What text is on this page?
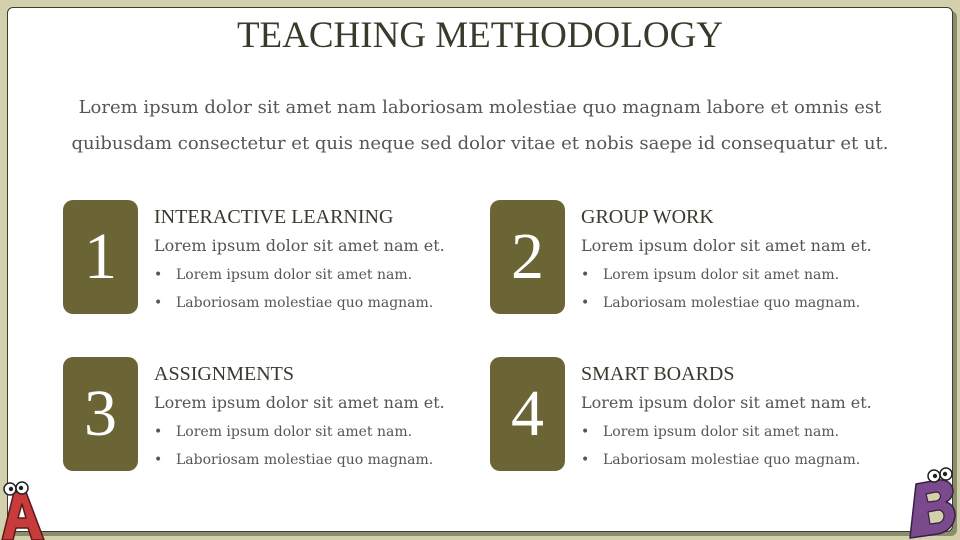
TEACHING METHODOLOGY
Lorem ipsum dolor sit amet nam laboriosam molestiae quo magnam labore et omnis est
quibusdam consectetur et quis neque sed dolor vitae et nobis saepe id consequatur et ut.
1
INTERACTIVE LEARNING
Lorem ipsum dolor sit amet nam et.
• Lorem ipsum dolor sit amet nam.
• Laboriosam molestiae quo magnam.
2
GROUP WORK
Lorem ipsum dolor sit amet nam et.
• Lorem ipsum dolor sit amet nam.
• Laboriosam molestiae quo magnam.
3
ASSIGNMENTS
Lorem ipsum dolor sit amet nam et.
• Lorem ipsum dolor sit amet nam.
• Laboriosam molestiae quo magnam.
4
SMART BOARDS
Lorem ipsum dolor sit amet nam et.
• Lorem ipsum dolor sit amet nam.
• Laboriosam molestiae quo magnam.
